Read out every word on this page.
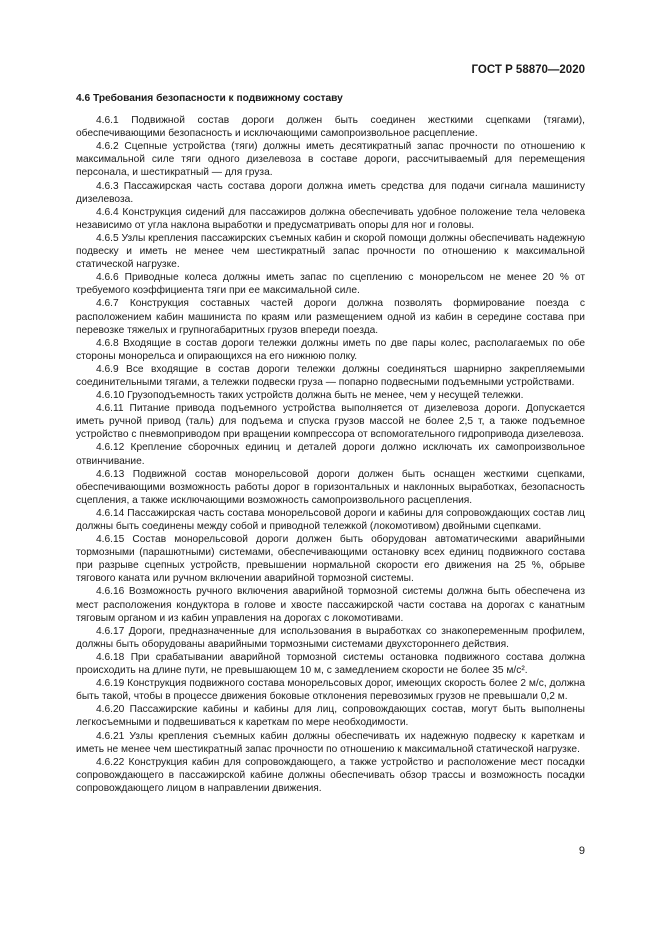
ГОСТ Р 58870—2020
4.6 Требования безопасности к подвижному составу

4.6.1 Подвижной состав дороги должен быть соединен жесткими сцепками (тягами), обеспечивающими безопасность и исключающими самопроизвольное расцепление.

4.6.2 Сцепные устройства (тяги) должны иметь десятикратный запас прочности по отношению к максимальной силе тяги одного дизелевоза в составе дороги, рассчитываемый для перемещения персонала, и шестикратный — для груза.

4.6.3 Пассажирская часть состава дороги должна иметь средства для подачи сигнала машинисту дизелевоза.

4.6.4 Конструкция сидений для пассажиров должна обеспечивать удобное положение тела человека независимо от угла наклона выработки и предусматривать опоры для ног и головы.

4.6.5 Узлы крепления пассажирских съемных кабин и скорой помощи должны обеспечивать надежную подвеску и иметь не менее чем шестикратный запас прочности по отношению к максимальной статической нагрузке.

4.6.6 Приводные колеса должны иметь запас по сцеплению с монорельсом не менее 20 % от требуемого коэффициента тяги при ее максимальной силе.

4.6.7 Конструкция составных частей дороги должна позволять формирование поезда с расположением кабин машиниста по краям или размещением одной из кабин в середине состава при перевозке тяжелых и групногабаритных грузов впереди поезда.

4.6.8 Входящие в состав дороги тележки должны иметь по две пары колес, располагаемых по обе стороны монорельса и опирающихся на его нижнюю полку.

4.6.9 Все входящие в состав дороги тележки должны соединяться шарнирно закрепляемыми соединительными тягами, а тележки подвески груза — попарно подвесными подъемными устройствами.

4.6.10 Грузоподъемность таких устройств должна быть не менее, чем у несущей тележки.

4.6.11 Питание привода подъемного устройства выполняется от дизелевоза дороги. Допускается иметь ручной привод (таль) для подъема и спуска грузов массой не более 2,5 т, а также подъемное устройство с пневмоприводом при вращении компрессора от вспомогательного гидропривода дизелевоза.

4.6.12 Крепление сборочных единиц и деталей дороги должно исключать их самопроизвольное отвинчивание.

4.6.13 Подвижной состав монорельсовой дороги должен быть оснащен жесткими сцепками, обеспечивающими возможность работы дорог в горизонтальных и наклонных выработках, безопасность сцепления, а также исключающими возможность самопроизвольного расцепления.

4.6.14 Пассажирская часть состава монорельсовой дороги и кабины для сопровождающих состав лиц должны быть соединены между собой и приводной тележкой (локомотивом) двойными сцепками.

4.6.15 Состав монорельсовой дороги должен быть оборудован автоматическими аварийными тормозными (парашютными) системами, обеспечивающими остановку всех единиц подвижного состава при разрыве сцепных устройств, превышении нормальной скорости его движения на 25 %, обрыве тягового каната или ручном включении аварийной тормозной системы.

4.6.16 Возможность ручного включения аварийной тормозной системы должна быть обеспечена из мест расположения кондуктора в голове и хвосте пассажирской части состава на дорогах с канатным тяговым органом и из кабин управления на дорогах с локомотивами.

4.6.17 Дороги, предназначенные для использования в выработках со знакопеременным профилем, должны быть оборудованы аварийными тормозными системами двухстороннего действия.

4.6.18 При срабатывании аварийной тормозной системы остановка подвижного состава должна происходить на длине пути, не превышающем 10 м, с замедлением скорости не более 35 м/с².

4.6.19 Конструкция подвижного состава монорельсовых дорог, имеющих скорость более 2 м/с, должна быть такой, чтобы в процессе движения боковые отклонения перевозимых грузов не превышали 0,2 м.

4.6.20 Пассажирские кабины и кабины для лиц, сопровождающих состав, могут быть выполнены легкосъемными и подвешиваться к кареткам по мере необходимости.

4.6.21 Узлы крепления съемных кабин должны обеспечивать их надежную подвеску к кареткам и иметь не менее чем шестикратный запас прочности по отношению к максимальной статической нагрузке.

4.6.22 Конструкция кабин для сопровождающего, а также устройство и расположение мест посадки сопровождающего в пассажирской кабине должны обеспечивать обзор трассы и возможность посадки сопровождающего лицом в направлении движения.

9
